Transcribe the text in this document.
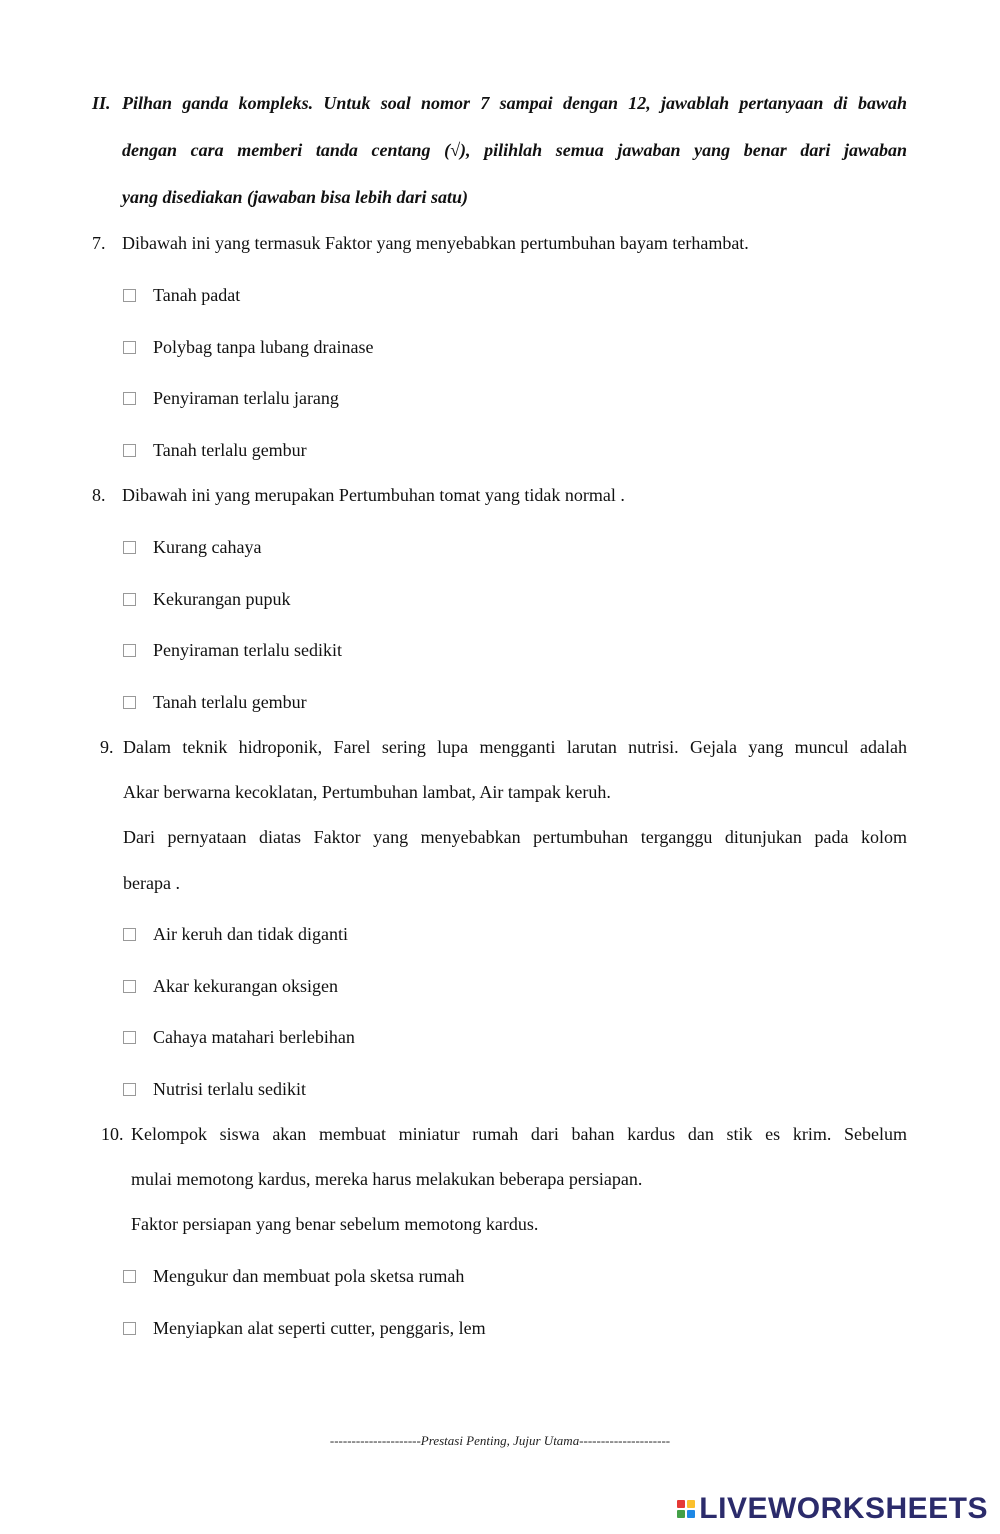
II. Pilhan ganda kompleks. Untuk soal nomor 7 sampai dengan 12, jawablah pertanyaan di bawah
dengan cara memberi tanda centang (√), pilihlah semua jawaban yang benar dari jawaban
yang disediakan (jawaban bisa lebih dari satu)
7. Dibawah ini yang termasuk Faktor yang menyebabkan pertumbuhan bayam terhambat.
Tanah padat
Polybag tanpa lubang drainase
Penyiraman terlalu jarang
Tanah terlalu gembur
8. Dibawah ini yang merupakan Pertumbuhan tomat yang tidak normal .
Kurang cahaya
Kekurangan pupuk
Penyiraman terlalu sedikit
Tanah terlalu gembur
9. Dalam teknik hidroponik, Farel sering lupa mengganti larutan nutrisi. Gejala yang muncul adalah
Akar berwarna kecoklatan, Pertumbuhan lambat, Air tampak keruh.
Dari pernyataan diatas Faktor yang menyebabkan pertumbuhan terganggu ditunjukan pada kolom
berapa .
Air keruh dan tidak diganti
Akar kekurangan oksigen
Cahaya matahari berlebihan
Nutrisi terlalu sedikit
10. Kelompok siswa akan membuat miniatur rumah dari bahan kardus dan stik es krim. Sebelum
mulai memotong kardus, mereka harus melakukan beberapa persiapan.
Faktor persiapan yang benar sebelum memotong kardus.
Mengukur dan membuat pola sketsa rumah
Menyiapkan alat seperti cutter, penggaris, lem
---------------------Prestasi Penting, Jujur Utama---------------------
LIVEWORKSHEETS
